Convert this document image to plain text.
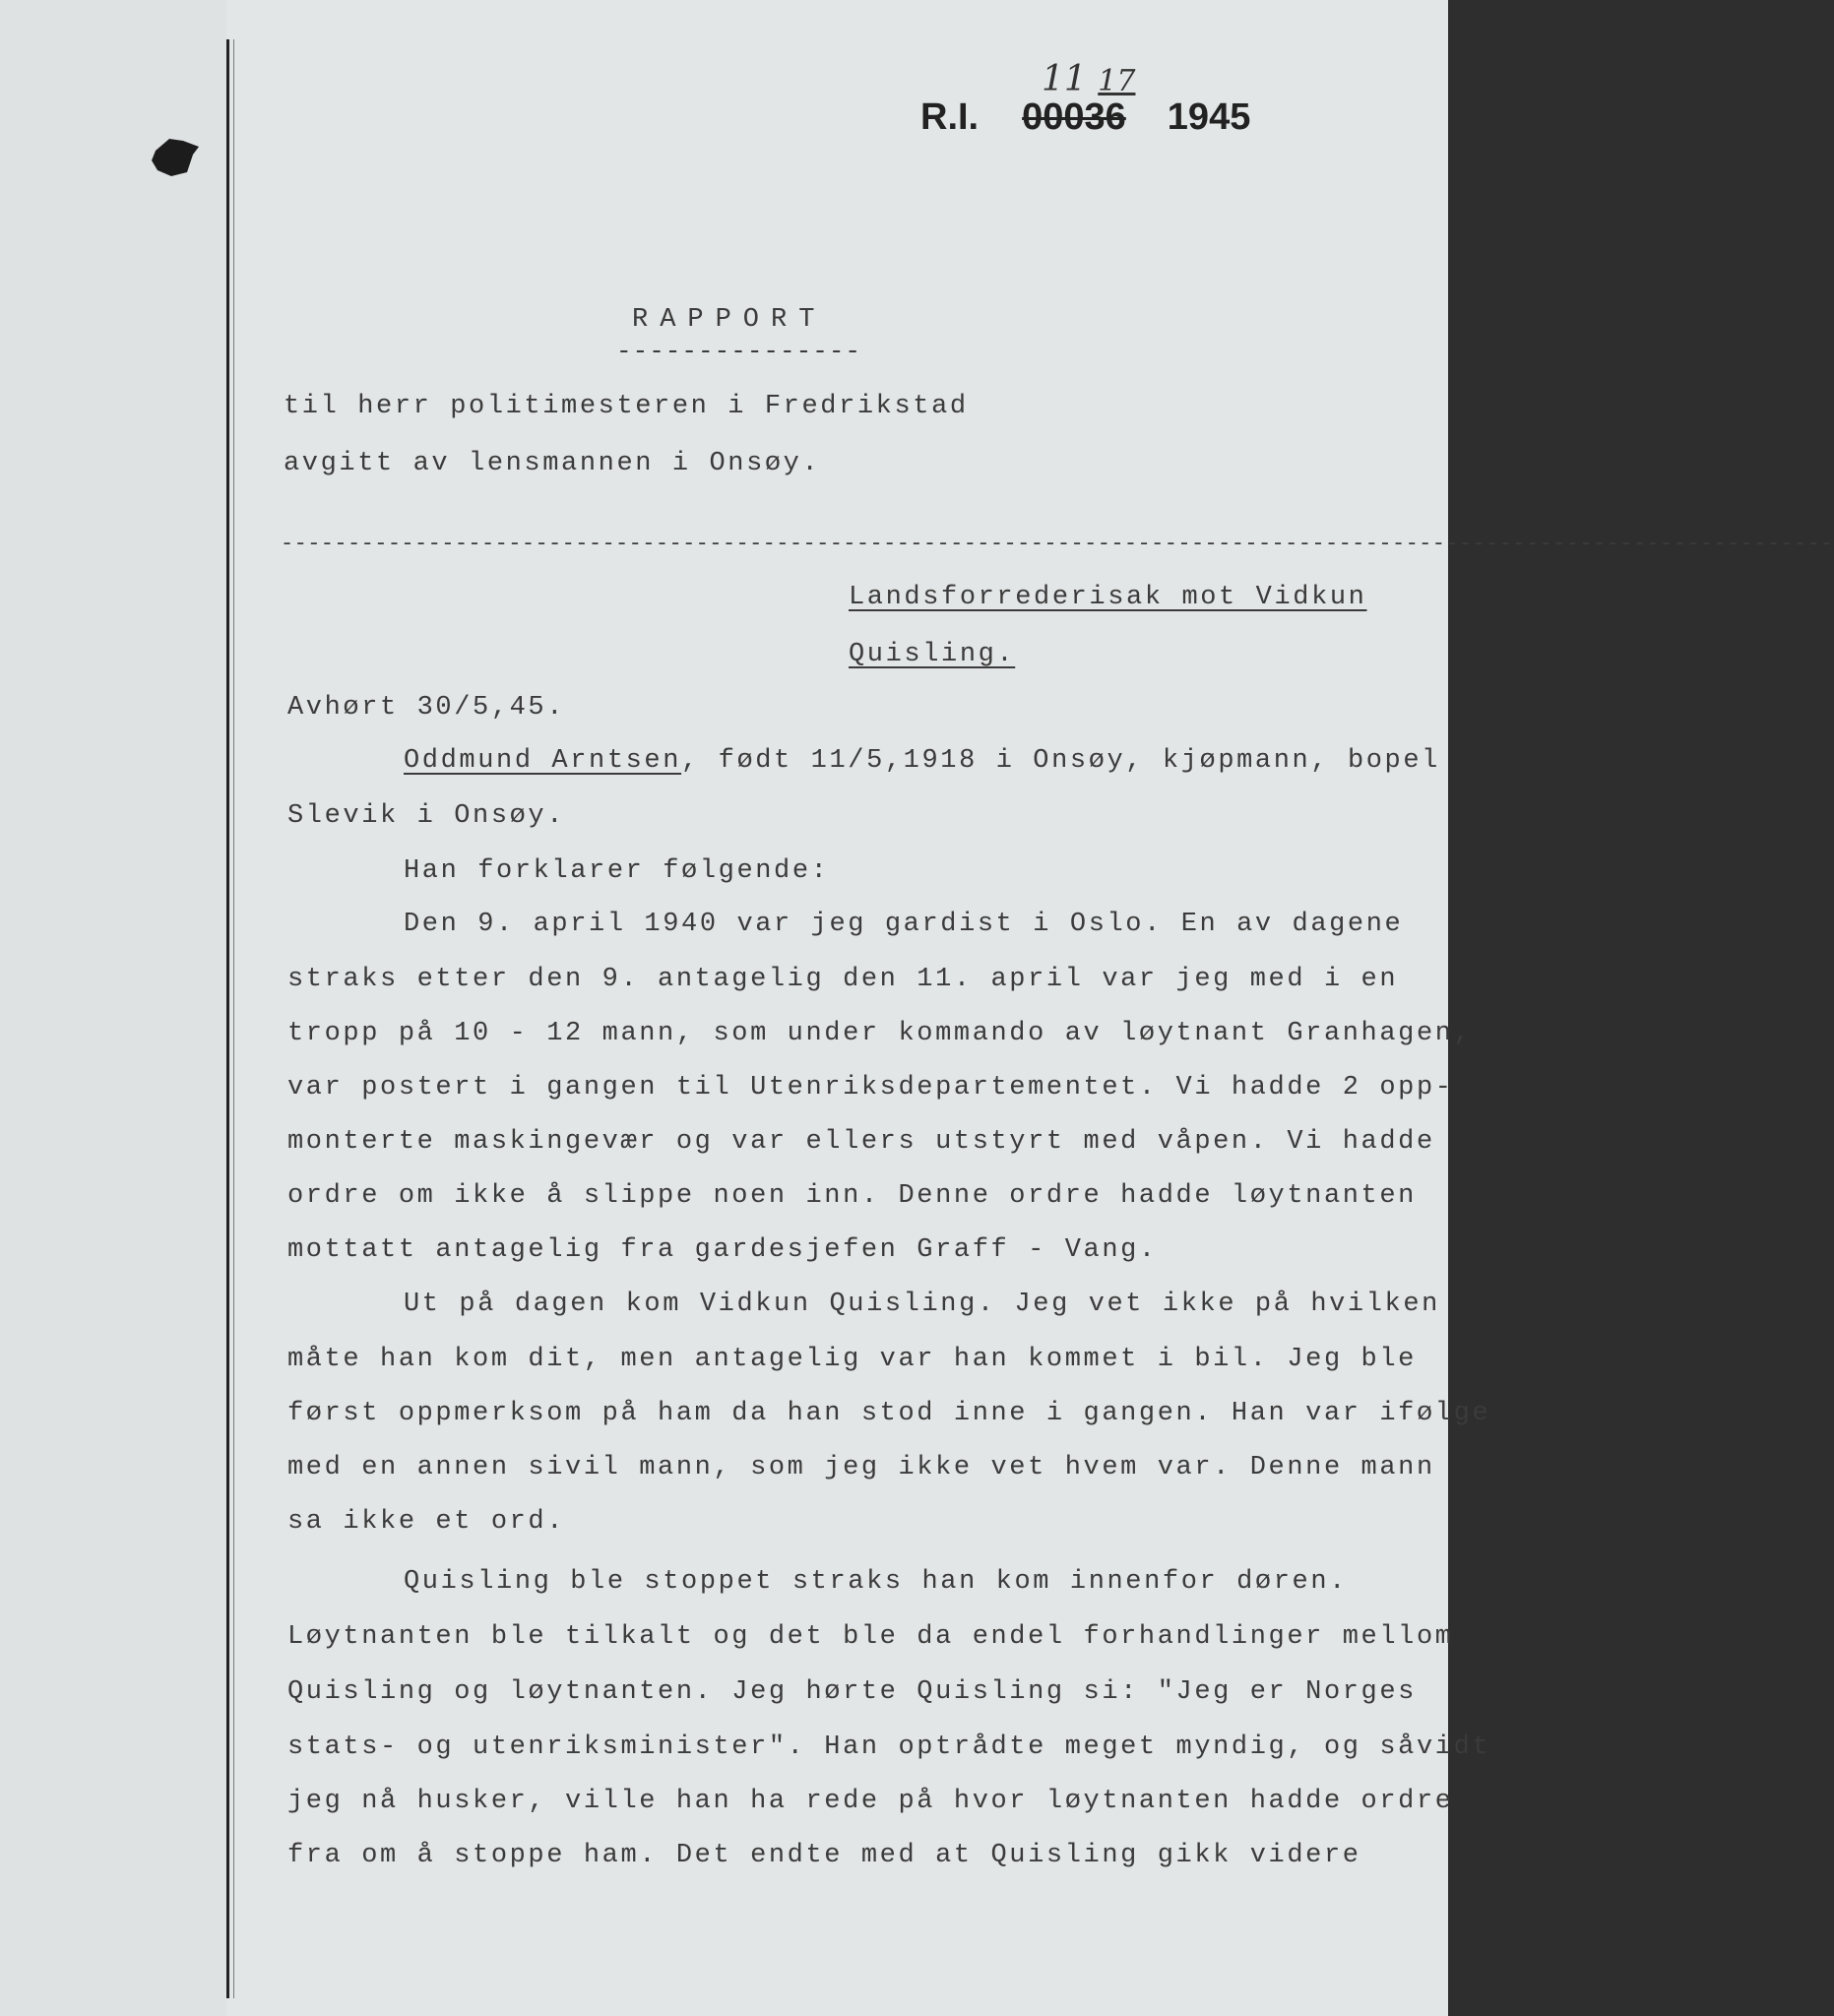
11 17
R.I. 00036 1945
RAPPORT
---------------
til herr politimesteren i Fredrikstad
avgitt av lensmannen i Onsøy.
--------------------------------------------------------------------------------------------------------------------
Landsforrederisak mot Vidkun
Quisling.
Avhørt 30/5,45.
Oddmund Arntsen, født 11/5,1918 i Onsøy, kjøpmann, bopel
Slevik i Onsøy.
Han forklarer følgende:
Den 9. april 1940 var jeg gardist i Oslo. En av dagene
straks etter den 9. antagelig den 11. april var jeg med i en
tropp på 10 - 12 mann, som under kommando av løytnant Granhagen,
var postert i gangen til Utenriksdepartementet. Vi hadde 2 opp-
monterte maskingevær og var ellers utstyrt med våpen. Vi hadde
ordre om ikke å slippe noen inn. Denne ordre hadde løytnanten
mottatt antagelig fra gardesjefen Graff - Vang.
Ut på dagen kom Vidkun Quisling. Jeg vet ikke på hvilken
måte han kom dit, men antagelig var han kommet i bil. Jeg ble
først oppmerksom på ham da han stod inne i gangen. Han var ifølge
med en annen sivil mann, som jeg ikke vet hvem var. Denne mann
sa ikke et ord.
Quisling ble stoppet straks han kom innenfor døren.
Løytnanten ble tilkalt og det ble da endel forhandlinger mellom
Quisling og løytnanten. Jeg hørte Quisling si: "Jeg er Norges
stats- og utenriksminister". Han optrådte meget myndig, og såvidt
jeg nå husker, ville han ha rede på hvor løytnanten hadde ordre
fra om å stoppe ham. Det endte med at Quisling gikk videre
